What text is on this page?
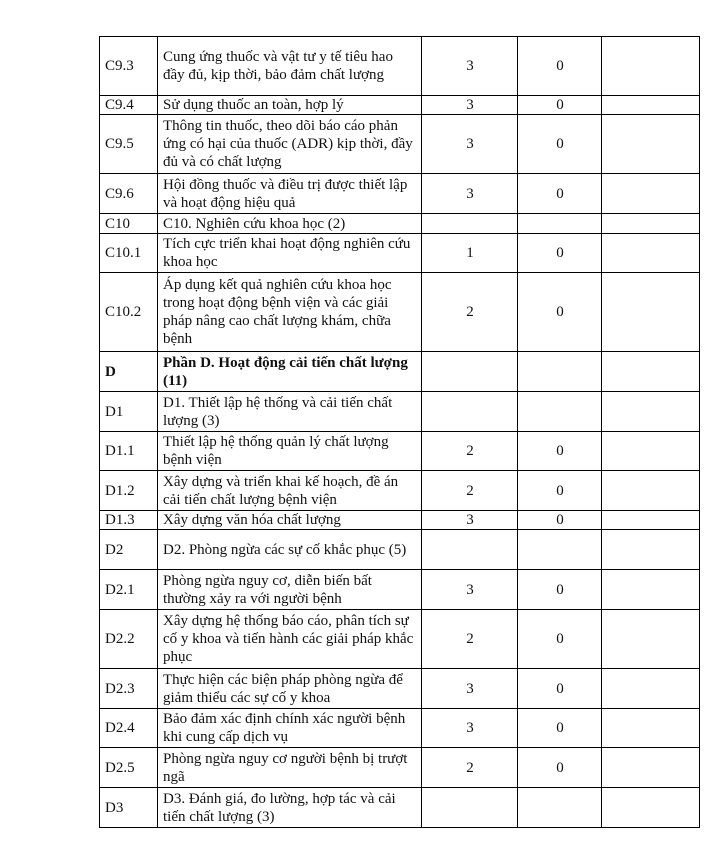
C9.3	Cung ứng thuốc và vật tư y tế tiêu hao đầy đủ, kịp thời, bảo đảm chất lượng	3	0	
C9.4	Sử dụng thuốc an toàn, hợp lý	3	0	
C9.5	Thông tin thuốc, theo dõi báo cáo phản ứng có hại của thuốc (ADR) kịp thời, đầy đủ và có chất lượng	3	0	
C9.6	Hội đồng thuốc và điều trị được thiết lập và hoạt động hiệu quả	3	0	
C10	C10. Nghiên cứu khoa học (2)			
C10.1	Tích cực triển khai hoạt động nghiên cứu khoa học	1	0	
C10.2	Áp dụng kết quả nghiên cứu khoa học trong hoạt động bệnh viện và các giải pháp nâng cao chất lượng khám, chữa bệnh	2	0	
D	Phần D. Hoạt động cải tiến chất lượng (11)			
D1	D1. Thiết lập hệ thống và cải tiến chất lượng (3)			
D1.1	Thiết lập hệ thống quản lý chất lượng bệnh viện	2	0	
D1.2	Xây dựng và triển khai kế hoạch, đề án cải tiến chất lượng bệnh viện	2	0	
D1.3	Xây dựng văn hóa chất lượng	3	0	
D2	D2. Phòng ngừa các sự cố khắc phục (5)			
D2.1	Phòng ngừa nguy cơ, diễn biến bất thường xảy ra với người bệnh	3	0	
D2.2	Xây dựng hệ thống báo cáo, phân tích sự cố y khoa và tiến hành các giải pháp khắc phục	2	0	
D2.3	Thực hiện các biện pháp phòng ngừa để giảm thiểu các sự cố y khoa	3	0	
D2.4	Bảo đảm xác định chính xác người bệnh khi cung cấp dịch vụ	3	0	
D2.5	Phòng ngừa nguy cơ người bệnh bị trượt ngã	2	0	
D3	D3. Đánh giá, đo lường, hợp tác và cải tiến chất lượng (3)			
